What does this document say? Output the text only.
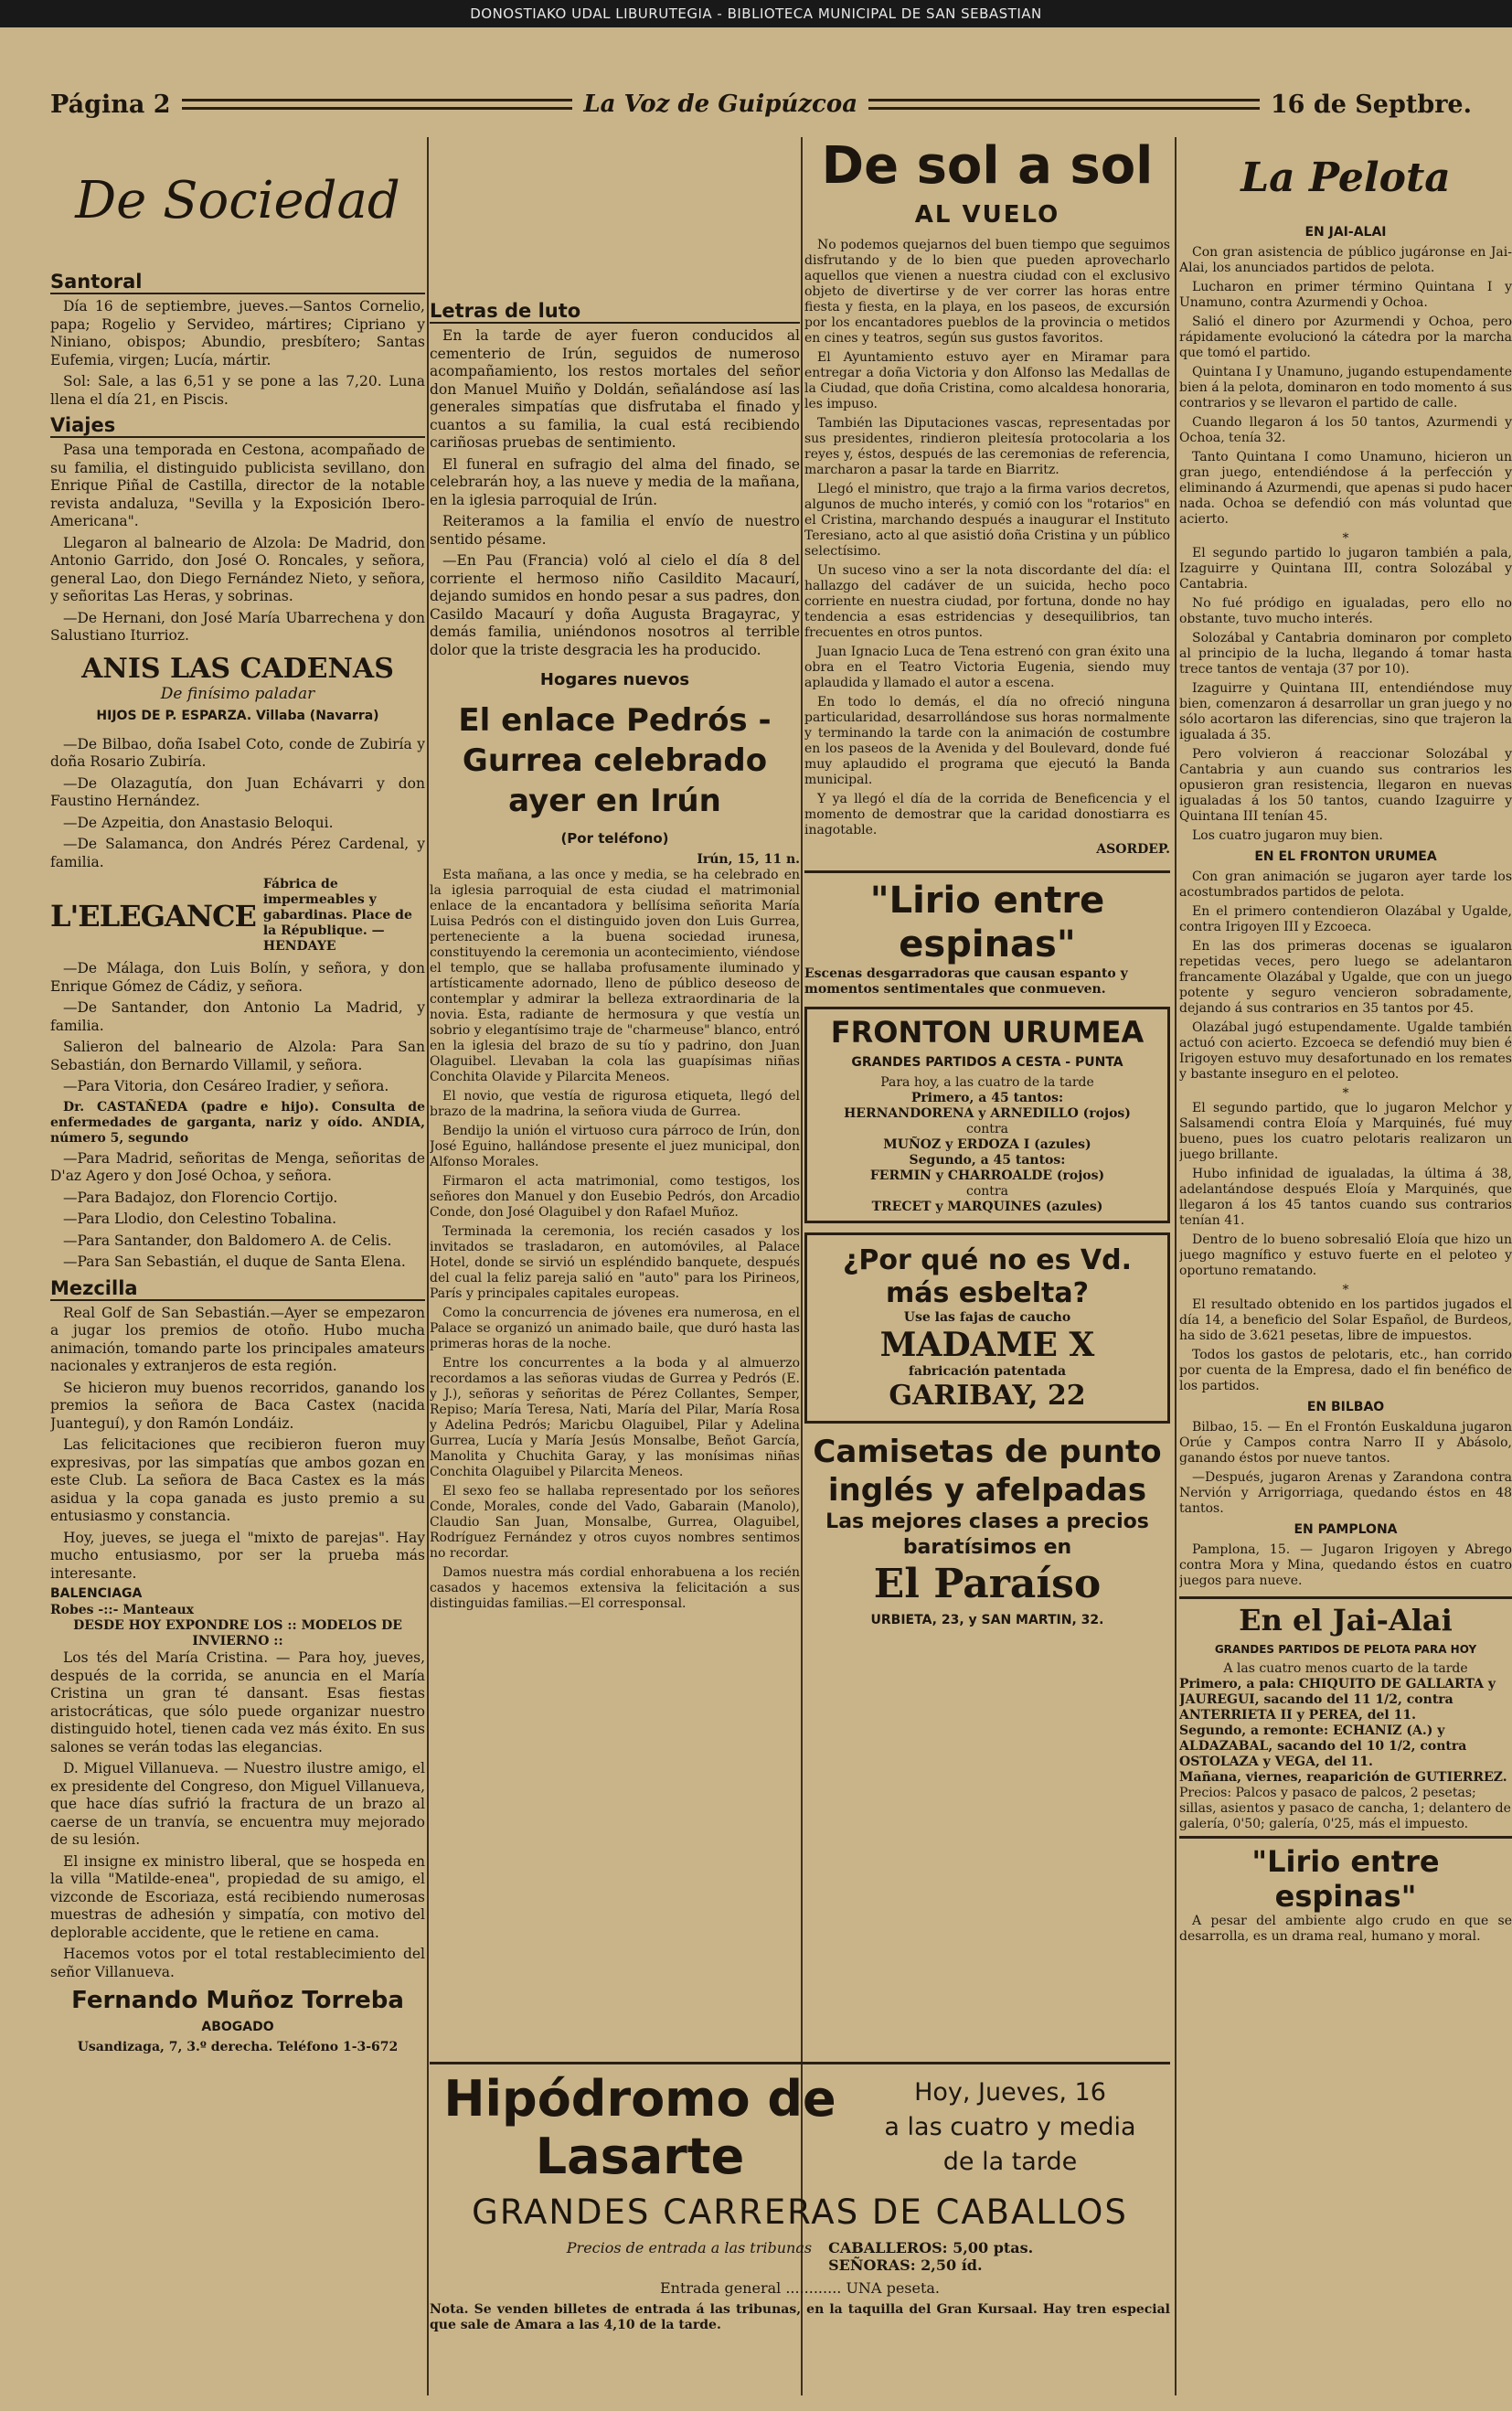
DONOSTIAKO UDAL LIBURUTEGIA - BIBLIOTECA MUNICIPAL DE SAN SEBASTIAN
Página 2	La Voz de Guipúzcoa	16 de Septbre.
De Sociedad
Santoral

Día 16 de septiembre, jueves.—Santos Cornelio, papa; Rogelio y Servideo, mártires; Cipriano y Niniano, obispos; Abundio, presbítero; Santas Eufemia, virgen; Lucía, mártir.

Sol: Sale, a las 6,51 y se pone a las 7,20. Luna llena el día 21, en Piscis.

Viajes

Pasa una temporada en Cestona, acompañado de su familia, el distinguido publicista sevillano, don Enrique Piñal de Castilla, director de la notable revista andaluza, "Sevilla y la Exposición Ibero-Americana".

Llegaron al balneario de Alzola: De Madrid, don Antonio Garrido, don José O. Roncales, y señora, general Lao, don Diego Fernández Nieto, y señora, y señoritas Las Heras, y sobrinas.

—De Hernani, don José María Ubarrechena y don Salustiano Iturrioz.

ANIS LAS CADENAS
De finísimo paladar
HIJOS DE P. ESPARZA. Villaba (Navarra)

—De Bilbao, doña Isabel Coto, conde de Zubiría y doña Rosario Zubiría.

—De Olazagutía, don Juan Echávarri y don Faustino Hernández.

—De Azpeitia, don Anastasio Beloqui.

—De Salamanca, don Andrés Pérez Cardenal, y familia.

L'ELEGANCE
Fábrica de impermeables y gabardinas. Place de la République. — HENDAYE

—De Málaga, don Luis Bolín, y señora, y don Enrique Gómez de Cádiz, y señora.

—De Santander, don Antonio La Madrid, y familia.

Salieron del balneario de Alzola: Para San Sebastián, don Bernardo Villamil, y señora.

—Para Vitoria, don Cesáreo Iradier, y señora.

Dr. CASTAÑEDA (padre e hijo). Consulta de enfermedades de garganta, nariz y oído. ANDIA, número 5, segundo

—Para Madrid, señoritas de Menga, señoritas de D'az Agero y don José Ochoa, y señora.

—Para Badajoz, don Florencio Cortijo.

—Para Llodio, don Celestino Tobalina.

—Para Santander, don Baldomero A. de Celis.

—Para San Sebastián, el duque de Santa Elena.

Mezcilla

Real Golf de San Sebastián.—Ayer se empezaron a jugar los premios de otoño. Hubo mucha animación, tomando parte los principales amateurs nacionales y extranjeros de esta región.

Se hicieron muy buenos recorridos, ganando los premios la señora de Baca Castex (nacida Juanteguí), y don Ramón Londáiz.

Las felicitaciones que recibieron fueron muy expresivas, por las simpatías que ambos gozan en este Club. La señora de Baca Castex es la más asidua y la copa ganada es justo premio a su entusiasmo y constancia.

Hoy, jueves, se juega el "mixto de parejas". Hay mucho entusiasmo, por ser la prueba más interesante.

BALENCIAGA
Robes -::- Manteaux
DESDE HOY EXPONDRE LOS :: MODELOS DE INVIERNO ::

Los tés del María Cristina. — Para hoy, jueves, después de la corrida, se anuncia en el María Cristina un gran té dansant. Esas fiestas aristocráticas, que sólo puede organizar nuestro distinguido hotel, tienen cada vez más éxito. En sus salones se verán todas las elegancias.

D. Miguel Villanueva. — Nuestro ilustre amigo, el ex presidente del Congreso, don Miguel Villanueva, que hace días sufrió la fractura de un brazo al caerse de un tranvía, se encuentra muy mejorado de su lesión.

El insigne ex ministro liberal, que se hospeda en la villa "Matilde-enea", propiedad de su amigo, el vizconde de Escoriaza, está recibiendo numerosas muestras de adhesión y simpatía, con motivo del deplorable accidente, que le retiene en cama.

Hacemos votos por el total restablecimiento del señor Villanueva.

Fernando Muñoz Torreba
ABOGADO
Usandizaga, 7, 3.º derecha. Teléfono 1-3-672
Letras de luto

En la tarde de ayer fueron conducidos al cementerio de Irún, seguidos de numeroso acompañamiento, los restos mortales del señor don Manuel Muiño y Doldán, señalándose así las generales simpatías que disfrutaba el finado y cuantos a su familia, la cual está recibiendo cariñosas pruebas de sentimiento.

El funeral en sufragio del alma del finado, se celebrarán hoy, a las nueve y media de la mañana, en la iglesia parroquial de Irún.

Reiteramos a la familia el envío de nuestro sentido pésame.

—En Pau (Francia) voló al cielo el día 8 del corriente el hermoso niño Casildito Macaurí, dejando sumidos en hondo pesar a sus padres, don Casildo Macaurí y doña Augusta Bragayrac, y demás familia, uniéndonos nosotros al terrible dolor que la triste desgracia les ha producido.

Hogares nuevos
El enlace Pedrós - Gurrea celebrado ayer en Irún
(Por teléfono)
Irún, 15, 11 n.

Esta mañana, a las once y media, se ha celebrado en la iglesia parroquial de esta ciudad el matrimonial enlace de la encantadora y bellísima señorita María Luisa Pedrós con el distinguido joven don Luis Gurrea, perteneciente a la buena sociedad irunesa, constituyendo la ceremonia un acontecimiento, viéndose el templo, que se hallaba profusamente iluminado y artísticamente adornado, lleno de público deseoso de contemplar y admirar la belleza extraordinaria de la novia. Esta, radiante de hermosura y que vestía un sobrio y elegantísimo traje de "charmeuse" blanco, entró en la iglesia del brazo de su tío y padrino, don Juan Olaguibel. Llevaban la cola las guapísimas niñas Conchita Olavide y Pilarcita Meneos.

El novio, que vestía de rigurosa etiqueta, llegó del brazo de la madrina, la señora viuda de Gurrea.

Bendijo la unión el virtuoso cura párroco de Irún, don José Eguino, hallándose presente el juez municipal, don Alfonso Morales.

Firmaron el acta matrimonial, como testigos, los señores don Manuel y don Eusebio Pedrós, don Arcadio Conde, don José Olaguibel y don Rafael Muñoz.

Terminada la ceremonia, los recién casados y los invitados se trasladaron, en automóviles, al Palace Hotel, donde se sirvió un espléndido banquete, después del cual la feliz pareja salió en "auto" para los Pirineos, París y principales capitales europeas.

Como la concurrencia de jóvenes era numerosa, en el Palace se organizó un animado baile, que duró hasta las primeras horas de la noche.

Entre los concurrentes a la boda y al almuerzo recordamos a las señoras viudas de Gurrea y Pedrós (E. y J.), señoras y señoritas de Pérez Collantes, Semper, Repiso; María Teresa, Nati, María del Pilar, María Rosa y Adelina Pedrós; Maricbu Olaguibel, Pilar y Adelina Gurrea, Lucía y María Jesús Monsalbe, Beñot García, Manolita y Chuchita Garay, y las monísimas niñas Conchita Olaguibel y Pilarcita Meneos.

El sexo feo se hallaba representado por los señores Conde, Morales, conde del Vado, Gabarain (Manolo), Claudio San Juan, Monsalbe, Gurrea, Olaguibel, Rodríguez Fernández y otros cuyos nombres sentimos no recordar.

Damos nuestra más cordial enhorabuena a los recién casados y hacemos extensiva la felicitación a sus distinguidas familias.—El corresponsal.

Hipódromo de Lasarte
Hoy, Jueves, 16
a las cuatro y media
de la tarde
GRANDES CARRERAS DE CABALLOS
Precios de entrada a las tribunas CABALLEROS: 5,00 ptas.
SEÑORAS: 2,50 íd.
Entrada general ............ UNA peseta.
Nota. Se venden billetes de entrada á las tribunas, en la taquilla del Gran Kursaal. Hay tren especial que sale de Amara a las 4,10 de la tarde.
De sol a sol
AL VUELO

No podemos quejarnos del buen tiempo que seguimos disfrutando y de lo bien que pueden aprovecharlo aquellos que vienen a nuestra ciudad con el exclusivo objeto de divertirse y de ver correr las horas entre fiesta y fiesta, en la playa, en los paseos, de excursión por los encantadores pueblos de la provincia o metidos en cines y teatros, según sus gustos favoritos.

El Ayuntamiento estuvo ayer en Miramar para entregar a doña Victoria y don Alfonso las Medallas de la Ciudad, que doña Cristina, como alcaldesa honoraria, les impuso.

También las Diputaciones vascas, representadas por sus presidentes, rindieron pleitesía protocolaria a los reyes y, éstos, después de las ceremonias de referencia, marcharon a pasar la tarde en Biarritz.

Llegó el ministro, que trajo a la firma varios decretos, algunos de mucho interés, y comió con los "rotarios" en el Cristina, marchando después a inaugurar el Instituto Teresiano, acto al que asistió doña Cristina y un público selectísimo.

Un suceso vino a ser la nota discordante del día: el hallazgo del cadáver de un suicida, hecho poco corriente en nuestra ciudad, por fortuna, donde no hay tendencia a esas estridencias y desequilibrios, tan frecuentes en otros puntos.

Juan Ignacio Luca de Tena estrenó con gran éxito una obra en el Teatro Victoria Eugenia, siendo muy aplaudida y llamado el autor a escena.

En todo lo demás, el día no ofreció ninguna particularidad, desarrollándose sus horas normalmente y terminando la tarde con la animación de costumbre en los paseos de la Avenida y del Boulevard, donde fué muy aplaudido el programa que ejecutó la Banda municipal.

Y ya llegó el día de la corrida de Beneficencia y el momento de demostrar que la caridad donostiarra es inagotable.

ASORDEP.
"Lirio entre espinas"
Escenas desgarradoras que causan espanto y momentos sentimentales que conmueven.
FRONTON URUMEA
GRANDES PARTIDOS A CESTA - PUNTA
Para hoy, a las cuatro de la tarde
Primero, a 45 tantos:
HERNANDORENA y ARNEDILLO (rojos)
contra
MUÑOZ y ERDOZA I (azules)
Segundo, a 45 tantos:
FERMIN y CHARROALDE (rojos)
contra
TRECET y MARQUINES (azules)
¿Por qué no es Vd. más esbelta?
Use las fajas de caucho
MADAME X
fabricación patentada
GARIBAY, 22
Camisetas de punto
inglés y afelpadas
Las mejores clases a precios baratísimos en
El Paraíso
URBIETA, 23, y SAN MARTIN, 32.
La Pelota
EN JAI-ALAI

Con gran asistencia de público jugáronse en Jai-Alai, los anunciados partidos de pelota.

Lucharon en primer término Quintana I y Unamuno, contra Azurmendi y Ochoa.

Salió el dinero por Azurmendi y Ochoa, pero rápidamente evolucionó la cátedra por la marcha que tomó el partido.

Quintana I y Unamuno, jugando estupendamente bien á la pelota, dominaron en todo momento á sus contrarios y se llevaron el partido de calle.

Cuando llegaron á los 50 tantos, Azurmendi y Ochoa, tenía 32.

Tanto Quintana I como Unamuno, hicieron un gran juego, entendiéndose á la perfección y eliminando á Azurmendi, que apenas si pudo hacer nada. Ochoa se defendió con más voluntad que acierto.

*

El segundo partido lo jugaron también a pala, Izaguirre y Quintana III, contra Solozábal y Cantabria.

No fué pródigo en igualadas, pero ello no obstante, tuvo mucho interés.

Solozábal y Cantabria dominaron por completo al principio de la lucha, llegando á tomar hasta trece tantos de ventaja (37 por 10).

Izaguirre y Quintana III, entendiéndose muy bien, comenzaron á desarrollar un gran juego y no sólo acortaron las diferencias, sino que trajeron la igualada á 35.

Pero volvieron á reaccionar Solozábal y Cantabria y aun cuando sus contrarios les opusieron gran resistencia, llegaron en nuevas igualadas á los 50 tantos, cuando Izaguirre y Quintana III tenían 45.

Los cuatro jugaron muy bien.

EN EL FRONTON URUMEA

Con gran animación se jugaron ayer tarde los acostumbrados partidos de pelota.

En el primero contendieron Olazábal y Ugalde, contra Irigoyen III y Ezcoeca.

En las dos primeras docenas se igualaron repetidas veces, pero luego se adelantaron francamente Olazábal y Ugalde, que con un juego potente y seguro vencieron sobradamente, dejando á sus contrarios en 35 tantos por 45.

Olazábal jugó estupendamente. Ugalde también actuó con acierto. Ezcoeca se defendió muy bien é Irigoyen estuvo muy desafortunado en los remates y bastante inseguro en el peloteo.

*

El segundo partido, que lo jugaron Melchor y Salsamendi contra Eloía y Marquinés, fué muy bueno, pues los cuatro pelotaris realizaron un juego brillante.

Hubo infinidad de igualadas, la última á 38, adelantándose después Eloía y Marquinés, que llegaron á los 45 tantos cuando sus contrarios tenían 41.

Dentro de lo bueno sobresalió Eloía que hizo un juego magnífico y estuvo fuerte en el peloteo y oportuno rematando.

*

El resultado obtenido en los partidos jugados el día 14, a beneficio del Solar Español, de Burdeos, ha sido de 3.621 pesetas, libre de impuestos.

Todos los gastos de pelotaris, etc., han corrido por cuenta de la Empresa, dado el fin benéfico de los partidos.

EN BILBAO

Bilbao, 15. — En el Frontón Euskalduna jugaron Orúe y Campos contra Narro II y Abásolo, ganando éstos por nueve tantos.

—Después, jugaron Arenas y Zarandona contra Nervión y Arrigorriaga, quedando éstos en 48 tantos.

EN PAMPLONA

Pamplona, 15. — Jugaron Irigoyen y Abrego contra Mora y Mina, quedando éstos en cuatro juegos para nueve.

En el Jai-Alai
GRANDES PARTIDOS DE PELOTA PARA HOY
A las cuatro menos cuarto de la tarde
Primero, a pala: CHIQUITO DE GALLARTA y JAUREGUI, sacando del 11 1/2, contra ANTERRIETA II y PEREA, del 11.
Segundo, a remonte: ECHANIZ (A.) y ALDAZABAL, sacando del 10 1/2, contra OSTOLAZA y VEGA, del 11.
Mañana, viernes, reaparición de GUTIERREZ.
Precios: Palcos y pasaco de palcos, 2 pesetas; sillas, asientos y pasaco de cancha, 1; delantero de galería, 0'50; galería, 0'25, más el impuesto.
"Lirio entre espinas"

A pesar del ambiente algo crudo en que se desarrolla, es un drama real, humano y moral.
